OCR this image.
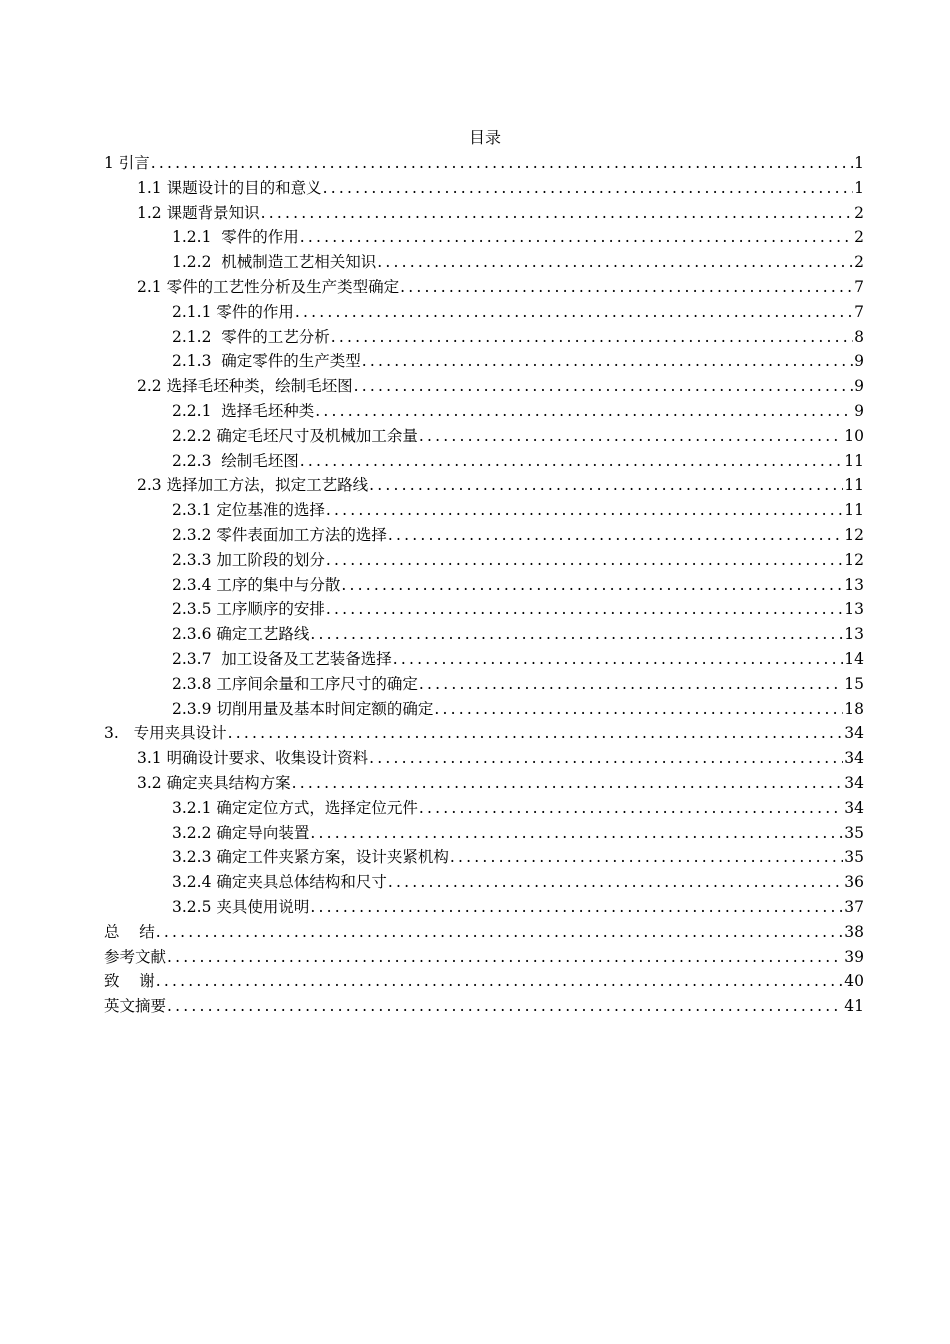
目录
1 引言 .....	1
1.1 课题设计的目的和意义 .....	1
1.2 课题背景知识 .....	2
1.2.1  零件的作用 .....	2
1.2.2  机械制造工艺相关知识 .....	2
2.1 零件的工艺性分析及生产类型确定 .....	7
2.1.1 零件的作用 .....	7
2.1.2  零件的工艺分析 .....	8
2.1.3  确定零件的生产类型 .....	9
2.2 选择毛坯种类，绘制毛坯图 .....	9
2.2.1  选择毛坯种类 .....	9
2.2.2 确定毛坯尺寸及机械加工余量 .....	10
2.2.3  绘制毛坯图 .....	11
2.3 选择加工方法，拟定工艺路线 .....	11
2.3.1 定位基准的选择 .....	11
2.3.2 零件表面加工方法的选择 .....	12
2.3.3 加工阶段的划分 .....	12
2.3.4 工序的集中与分散 .....	13
2.3.5 工序顺序的安排 .....	13
2.3.6 确定工艺路线 .....	13
2.3.7  加工设备及工艺装备选择 .....	14
2.3.8 工序间余量和工序尺寸的确定 .....	15
2.3.9 切削用量及基本时间定额的确定 .....	18
3.   专用夹具设计 .....	34
3.1 明确设计要求、收集设计资料 .....	34
3.2 确定夹具结构方案 .....	34
3.2.1 确定定位方式，选择定位元件 .....	34
3.2.2 确定导向装置 .....	35
3.2.3 确定工件夹紧方案，设计夹紧机构 .....	35
3.2.4 确定夹具总体结构和尺寸 .....	36
3.2.5 夹具使用说明 .....	37
总    结 .....	38
参考文献 .....	39
致    谢 .....	40
英文摘要 .....	41
